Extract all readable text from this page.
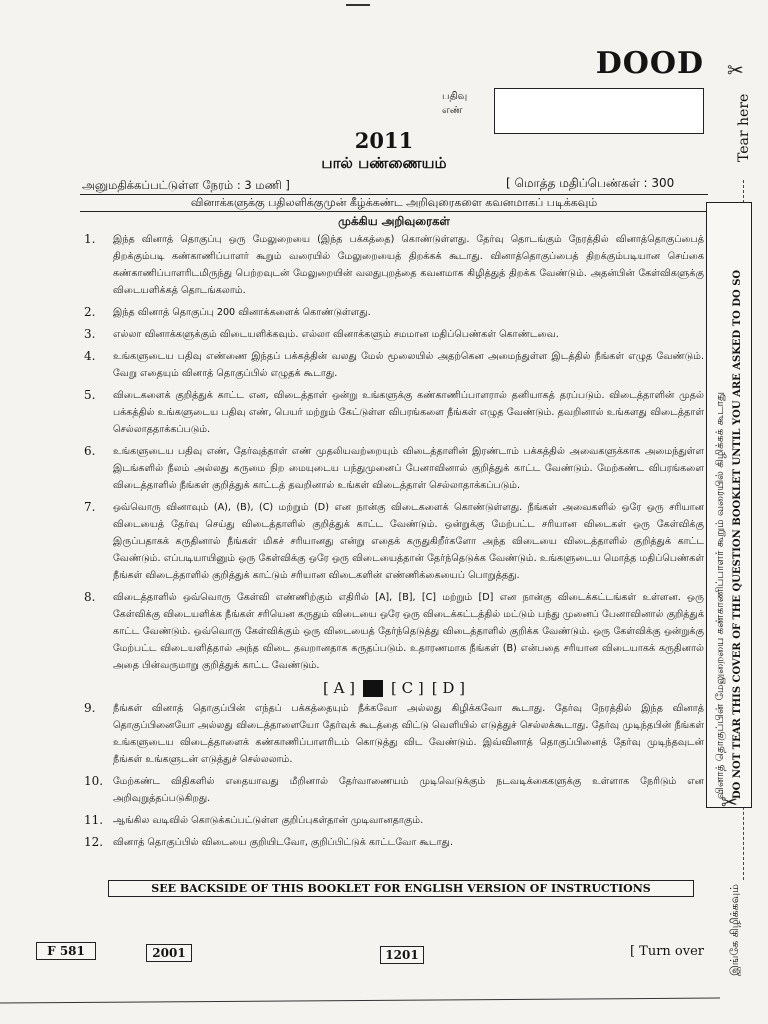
DOOD ✂
Tear here
பதிவு
எண்
2011
பால் பண்ணையம்
அனுமதிக்கப்பட்டுள்ள நேரம் : 3 மணி ]	[ மொத்த மதிப்பெண்கள் : 300
வினாக்களுக்கு பதிலளிக்குமுன் கீழ்க்கண்ட அறிவுரைகளை கவனமாகப் படிக்கவும்
முக்கிய அறிவுரைகள்
1.	இந்த வினாத் தொகுப்பு ஒரு மேலுறையை (இந்த பக்கத்தை) கொண்டுள்ளது. தேர்வு தொடங்கும் நேரத்தில் வினாத்தொகுப்பைத் திறக்கும்படி கண்காணிப்பாளர் கூறும் வரையில் மேலுறையைத் திறக்கக் கூடாது. வினாத்தொகுப்பைத் திறக்கும்படியான செய்கை கண்காணிப்பாளரிடமிருந்து பெற்றவுடன் மேலுறையின் வலதுபுறத்தை கவனமாக கிழித்துத் திறக்க வேண்டும். அதன்பின் கேள்விகளுக்கு விடையளிக்கத் தொடங்கலாம்.
2.	இந்த வினாத் தொகுப்பு 200 வினாக்களைக் கொண்டுள்ளது.
3.	எல்லா வினாக்களுக்கும் விடையளிக்கவும். எல்லா வினாக்களும் சமமான மதிப்பெண்கள் கொண்டவை.
4.	உங்களுடைய பதிவு எண்ணை இந்தப் பக்கத்தின் வலது மேல் மூலையில் அதற்கென அமைந்துள்ள இடத்தில் நீங்கள் எழுத வேண்டும். வேறு எதையும் வினாத் தொகுப்பில் எழுதக் கூடாது.
5.	விடைகளைக் குறித்துக் காட்ட என, விடைத்தாள் ஒன்று உங்களுக்கு கண்காணிப்பாளரால் தனியாகத் தரப்படும். விடைத்தாளின் முதல் பக்கத்தில் உங்களுடைய பதிவு எண், பெயர் மற்றும் கேட்டுள்ள விபரங்களை நீங்கள் எழுத வேண்டும். தவறினால் உங்களது விடைத்தாள் செல்லாததாக்கப்படும்.
6.	உங்களுடைய பதிவு எண், தேர்வுத்தாள் எண் முதலியவற்றையும் விடைத்தாளின் இரண்டாம் பக்கத்தில் அவைகளுக்காக அமைந்துள்ள இடங்களில் நீலம் அல்லது கருமை நிற மையுடைய பந்துமுனைப் பேனாவினால் குறித்துக் காட்ட வேண்டும். மேற்கண்ட விபரங்களை விடைத்தாளில் நீங்கள் குறித்துக் காட்டத் தவறினால் உங்கள் விடைத்தாள் செல்லாதாக்கப்படும்.
7.	ஒவ்வொரு வினாவும் (A), (B), (C) மற்றும் (D) என நான்கு விடைகளைக் கொண்டுள்ளது. நீங்கள் அவைகளில் ஒரே ஒரு சரியான விடையைத் தேர்வு செய்து விடைத்தாளில் குறித்துக் காட்ட வேண்டும். ஒன்றுக்கு மேற்பட்ட சரியான விடைகள் ஒரு கேள்விக்கு இருப்பதாகக் கருதினால் நீங்கள் மிகச் சரியானது என்று எதைக் கருதுகிறீர்களோ அந்த விடையை விடைத்தாளில் குறித்துக் காட்ட வேண்டும். எப்படியாயினும் ஒரு கேள்விக்கு ஒரே ஒரு விடையைத்தான் தேர்ந்தெடுக்க வேண்டும். உங்களுடைய மொத்த மதிப்பெண்கள் நீங்கள் விடைத்தாளில் குறித்துக் காட்டும் சரியான விடைகளின் எண்ணிக்கையைப் பொறுத்தது.
8.	விடைத்தாளில் ஒவ்வொரு கேள்வி எண்ணிற்கும் எதிரில் [A], [B], [C] மற்றும் [D] என நான்கு விடைக்கட்டங்கள் உள்ளன. ஒரு கேள்விக்கு விடையளிக்க நீங்கள் சரியென கருதும் விடையை ஒரே ஒரு விடைக்கட்டத்தில் மட்டும் பந்து முனைப் பேனாவினால் குறித்துக் காட்ட வேண்டும். ஒவ்வொரு கேள்விக்கும் ஒரு விடையைத் தேர்ந்தெடுத்து விடைத்தாளில் குறிக்க வேண்டும். ஒரு கேள்விக்கு ஒன்றுக்கு மேற்பட்ட விடையளித்தால் அந்த விடை தவறானதாக கருதப்படும். உதாரணமாக நீங்கள் (B) என்பதை சரியான விடையாகக் கருதினால் அதை பின்வருமாறு குறித்துக் காட்ட வேண்டும்.
[ A ] [ C ] [ D ]
9.	நீங்கள் வினாத் தொகுப்பின் எந்தப் பக்கத்தையும் நீக்கவோ அல்லது கிழிக்கவோ கூடாது. தேர்வு நேரத்தில் இந்த வினாத் தொகுப்பினையோ அல்லது விடைத்தாளையோ தேர்வுக் கூடத்தை விட்டு வெளியில் எடுத்துச் செல்லக்கூடாது. தேர்வு முடிந்தபின் நீங்கள் உங்களுடைய விடைத்தாளைக் கண்காணிப்பாளரிடம் கொடுத்து விட வேண்டும். இவ்வினாத் தொகுப்பினைத் தேர்வு முடிந்தவுடன் நீங்கள் உங்களுடன் எடுத்துச் செல்லலாம்.
10.	மேற்கண்ட விதிகளில் எதையாவது மீறினால் தேர்வாணையம் முடிவெடுக்கும் நடவடிக்கைகளுக்கு உள்ளாக நேரிடும் என அறிவுறுத்தப்படுகிறது.
11.	ஆங்கில வடிவில் கொடுக்கப்பட்டுள்ள குறிப்புகள்தான் முடிவானதாகும்.
12.	வினாத் தொகுப்பில் விடையை குறியிடவோ, குறிப்பிட்டுக் காட்டவோ கூடாது.
வினாத் தொகுப்பின் மேலுறையை கண்காணிப்பாளர் கூறும் வரையில் கிழிக்கக் கூடாது DO NOT TEAR THIS COVER OF THE QUESTION BOOKLET UNTIL YOU ARE ASKED TO DO SO
✂
இங்கே கிழிக்கவும்
SEE BACKSIDE OF THIS BOOKLET FOR ENGLISH VERSION OF INSTRUCTIONS
F 581	2001	1201	[ Turn over
